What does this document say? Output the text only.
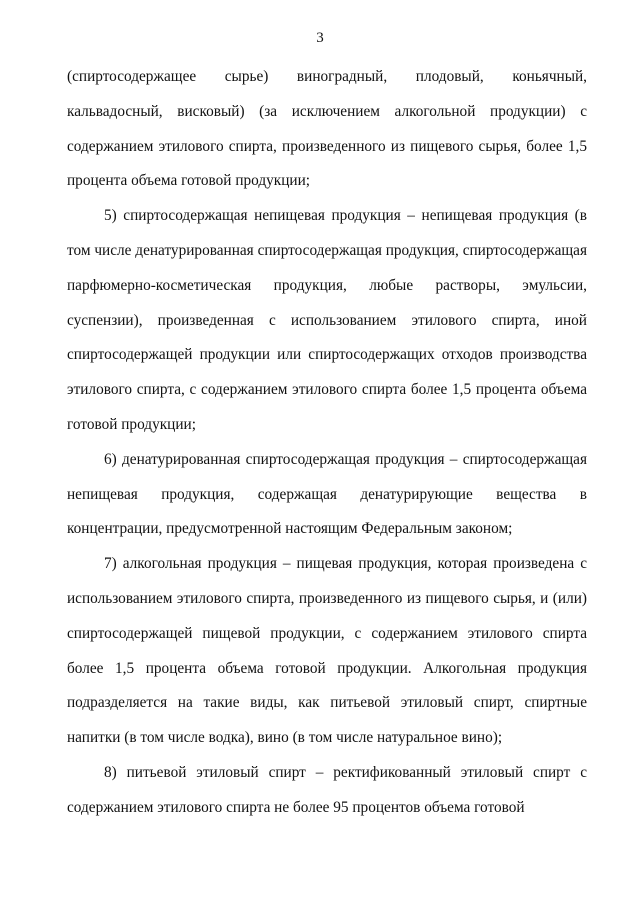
3

(спиртосодержащее сырье) виноградный, плодовый, коньячный, кальвадосный, висковый) (за исключением алкогольной продукции) с содержанием этилового спирта, произведенного из пищевого сырья, более 1,5 процента объема готовой продукции;

5) спиртосодержащая непищевая продукция – непищевая продукция (в том числе денатурированная спиртосодержащая продукция, спиртосодержащая парфюмерно-косметическая продукция, любые растворы, эмульсии, суспензии), произведенная с использованием этилового спирта, иной спиртосодержащей продукции или спиртосодержащих отходов производства этилового спирта, с содержанием этилового спирта более 1,5 процента объема готовой продукции;

6) денатурированная спиртосодержащая продукция – спиртосодержащая непищевая продукция, содержащая денатурирующие вещества в концентрации, предусмотренной настоящим Федеральным законом;

7) алкогольная продукция – пищевая продукция, которая произведена с использованием этилового спирта, произведенного из пищевого сырья, и (или) спиртосодержащей пищевой продукции, с содержанием этилового спирта более 1,5 процента объема готовой продукции. Алкогольная продукция подразделяется на такие виды, как питьевой этиловый спирт, спиртные напитки (в том числе водка), вино (в том числе натуральное вино);

8) питьевой этиловый спирт – ректификованный этиловый спирт с содержанием этилового спирта не более 95 процентов объема готовой
